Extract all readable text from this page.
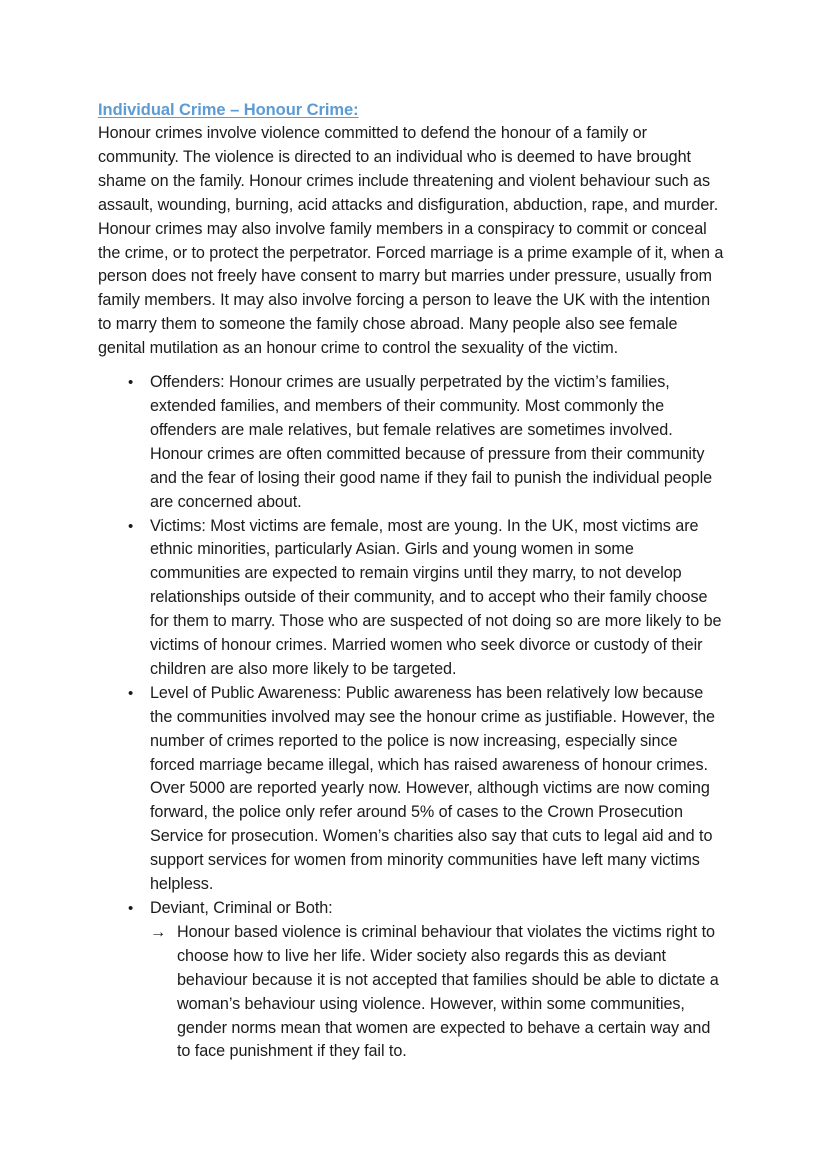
Individual Crime – Honour Crime:

Honour crimes involve violence committed to defend the honour of a family or community. The violence is directed to an individual who is deemed to have brought shame on the family. Honour crimes include threatening and violent behaviour such as assault, wounding, burning, acid attacks and disfiguration, abduction, rape, and murder. Honour crimes may also involve family members in a conspiracy to commit or conceal the crime, or to protect the perpetrator. Forced marriage is a prime example of it, when a person does not freely have consent to marry but marries under pressure, usually from family members. It may also involve forcing a person to leave the UK with the intention to marry them to someone the family chose abroad. Many people also see female genital mutilation as an honour crime to control the sexuality of the victim.

• Offenders: Honour crimes are usually perpetrated by the victim’s families, extended families, and members of their community. Most commonly the offenders are male relatives, but female relatives are sometimes involved. Honour crimes are often committed because of pressure from their community and the fear of losing their good name if they fail to punish the individual people are concerned about.
• Victims: Most victims are female, most are young. In the UK, most victims are ethnic minorities, particularly Asian. Girls and young women in some communities are expected to remain virgins until they marry, to not develop relationships outside of their community, and to accept who their family choose for them to marry. Those who are suspected of not doing so are more likely to be victims of honour crimes. Married women who seek divorce or custody of their children are also more likely to be targeted.
• Level of Public Awareness: Public awareness has been relatively low because the communities involved may see the honour crime as justifiable. However, the number of crimes reported to the police is now increasing, especially since forced marriage became illegal, which has raised awareness of honour crimes. Over 5000 are reported yearly now. However, although victims are now coming forward, the police only refer around 5% of cases to the Crown Prosecution Service for prosecution. Women’s charities also say that cuts to legal aid and to support services for women from minority communities have left many victims helpless.
• Deviant, Criminal or Both:
→ Honour based violence is criminal behaviour that violates the victims right to choose how to live her life. Wider society also regards this as deviant behaviour because it is not accepted that families should be able to dictate a woman’s behaviour using violence. However, within some communities, gender norms mean that women are expected to behave a certain way and to face punishment if they fail to.
